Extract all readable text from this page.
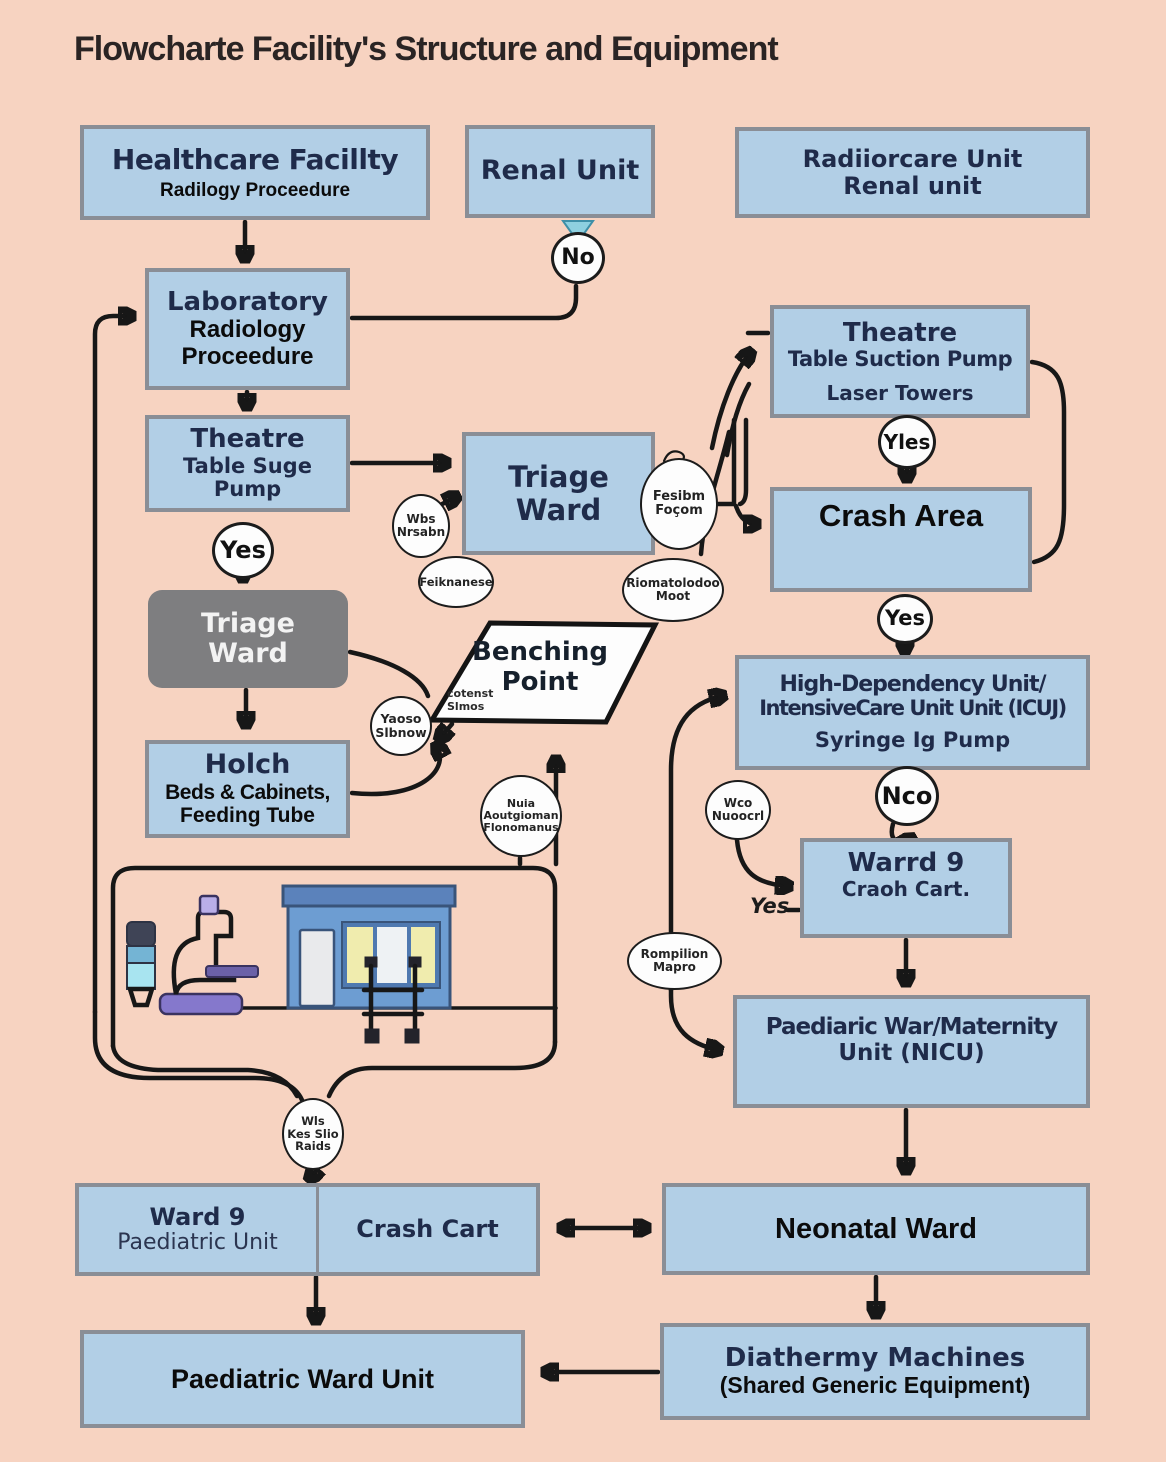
Flowcharte Facility's Structure and Equipment
Healthcare Facillty
Radilogy Proceedure
Renal Unit	Radiiorcare Unit
Renal unit
Laboratory
Radiology
Proceedure
Theatre
Table Suge Pump	Triage
Ward
Theatre
Table Suction Pump
Laser Towers
Crash Area
Triage
Ward
Holch
Beds & Cabinets,
Feeding Tube
Benching
Point
cotenst
Slmos
High-Dependency Unit/
IntensiveCare Unit Unit (ICUJ)
Syringe Ig Pump
Warrd 9
Craoh Cart.
Paediaric War/Maternity
Unit (NICU)
Ward 9
Paediatric Unit	Crash Cart	Neonatal Ward
Paediatric Ward Unit
Diathermy Machines
(Shared Generic Equipment)
No
Yes
Wbs
Nrsabn
Feiknanese
Fesibm
Foçom
Riomatolodoo
Moot
Yaoso
Slbnow
Nuia
Aoutgioman
Flonomanus
Wls
Kes Slio
Raids
Yles
Yes
Nco
Wco
Nuoocrl
Rompilion
Mapro
Yes
